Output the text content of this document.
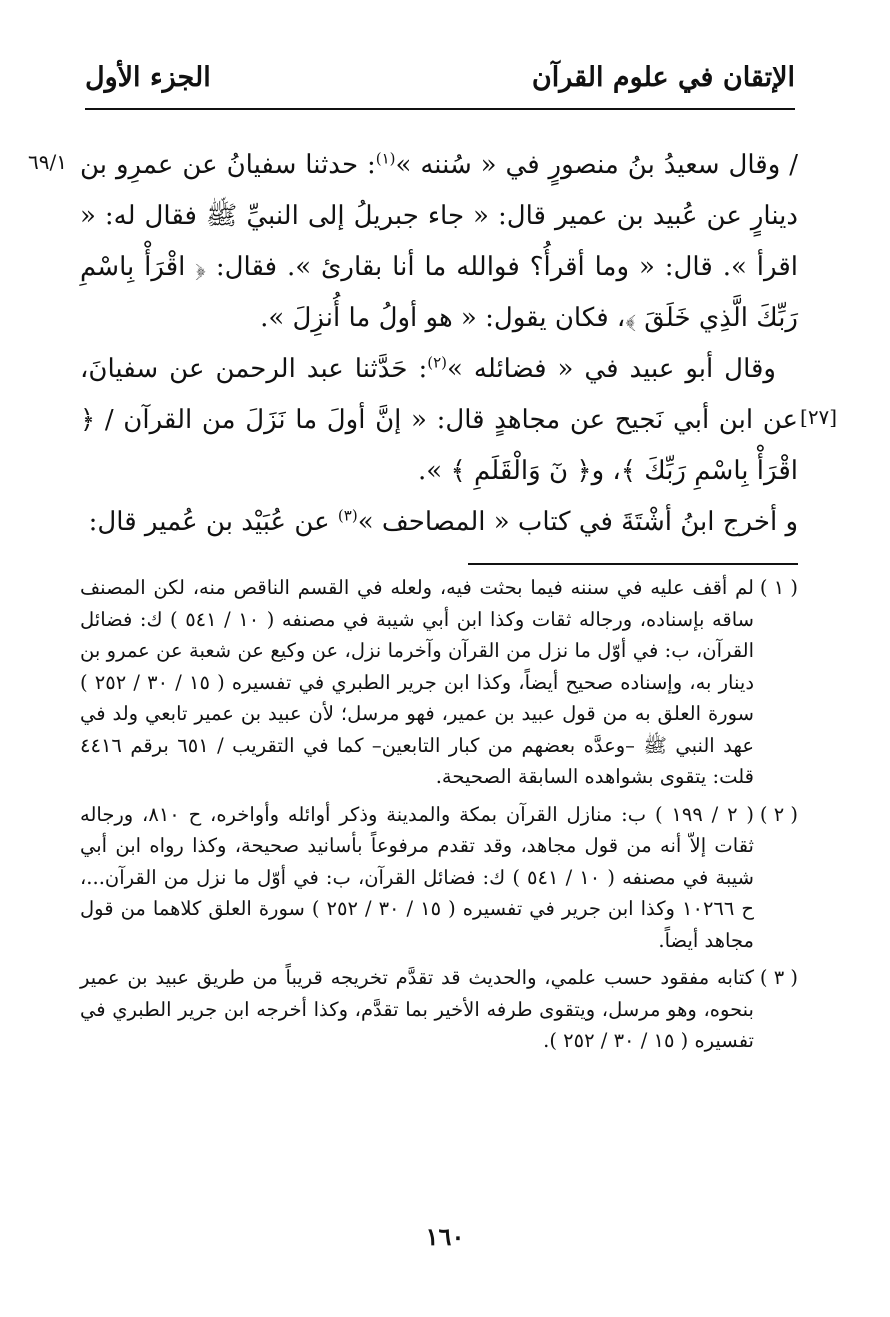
الإتقان في علوم القرآن
الجزء الأول
٦٩/١
[٢٧]

/ وقال سعيدُ بنُ منصورٍ في « سُننه »$^{(١)}$: حدثنا سفيانُ عن عمرِو بن دينارٍ عن عُبيد بن عمير قال: « جاء جبريلُ إلى النبيِّ ﷺ فقال له: « اقرأ ». قال: « وما أقرأُ؟ فوالله ما أنا بقارئ ». فقال: ﴿ اقْرَأْ بِاسْمِ رَبِّكَ الَّذِي خَلَقَ ﴾، فكان يقول: « هو أولُ ما أُنزِلَ ».

وقال أبو عبيد في « فضائله »$^{(٢)}$: حَدَّثنا عبد الرحمن عن سفيانَ، عن ابن أبي نَجيح عن مجاهدٍ قال: « إنَّ أولَ ما نَزَلَ من القرآن / ﴿ اقْرَأْ بِاسْمِ رَبِّكَ ﴾، و﴿ نٓ وَالْقَلَمِ ﴾ ».

و أخرج ابنُ أشْتَةَ في كتاب « المصاحف »$^{(٣)}$ عن عُبَيْد بن عُمير قال:

( ١ )
لم أقف عليه في سننه فيما بحثت فيه، ولعله في القسم الناقص منه، لكن المصنف ساقه بإسناده، ورجاله ثقات وكذا ابن أبي شيبة في مصنفه ( ١٠ / ٥٤١ ) ك: فضائل القرآن، ب: في أوّل ما نزل من القرآن وآخرما نزل، عن وكيع عن شعبة عن عمرو بن دينار به، وإسناده صحيح أيضاً، وكذا ابن جرير الطبري في تفسيره ( ١٥ / ٣٠ / ٢٥٢ ) سورة العلق به من قول عبيد بن عمير، فهو مرسل؛ لأن عبيد بن عمير تابعي ولد في عهد النبي ﷺ –وعدَّه بعضهم من كبار التابعين– كما في التقريب / ٦٥١ برقم ٤٤١٦ قلت: يتقوى بشواهده السابقة الصحيحة.

( ٢ )
( ٢ / ١٩٩ ) ب: منازل القرآن بمكة والمدينة وذكر أوائله وأواخره، ح ٨١٠، ورجاله ثقات إلاّ أنه من قول مجاهد، وقد تقدم مرفوعاً بأسانيد صحيحة، وكذا رواه ابن أبي شيبة في مصنفه ( ١٠ / ٥٤١ ) ك: فضائل القرآن، ب: في أوّل ما نزل من القرآن...، ح ١٠٢٦٦ وكذا ابن جرير في تفسيره ( ١٥ / ٣٠ / ٢٥٢ ) سورة العلق كلاهما من قول مجاهد أيضاً.

( ٣ )
كتابه مفقود حسب علمي، والحديث قد تقدَّم تخريجه قريباً من طريق عبيد بن عمير بنحوه، وهو مرسل، ويتقوى طرفه الأخير بما تقدَّم، وكذا أخرجه ابن جرير الطبري في تفسيره ( ١٥ / ٣٠ / ٢٥٢ ).

١٦٠
